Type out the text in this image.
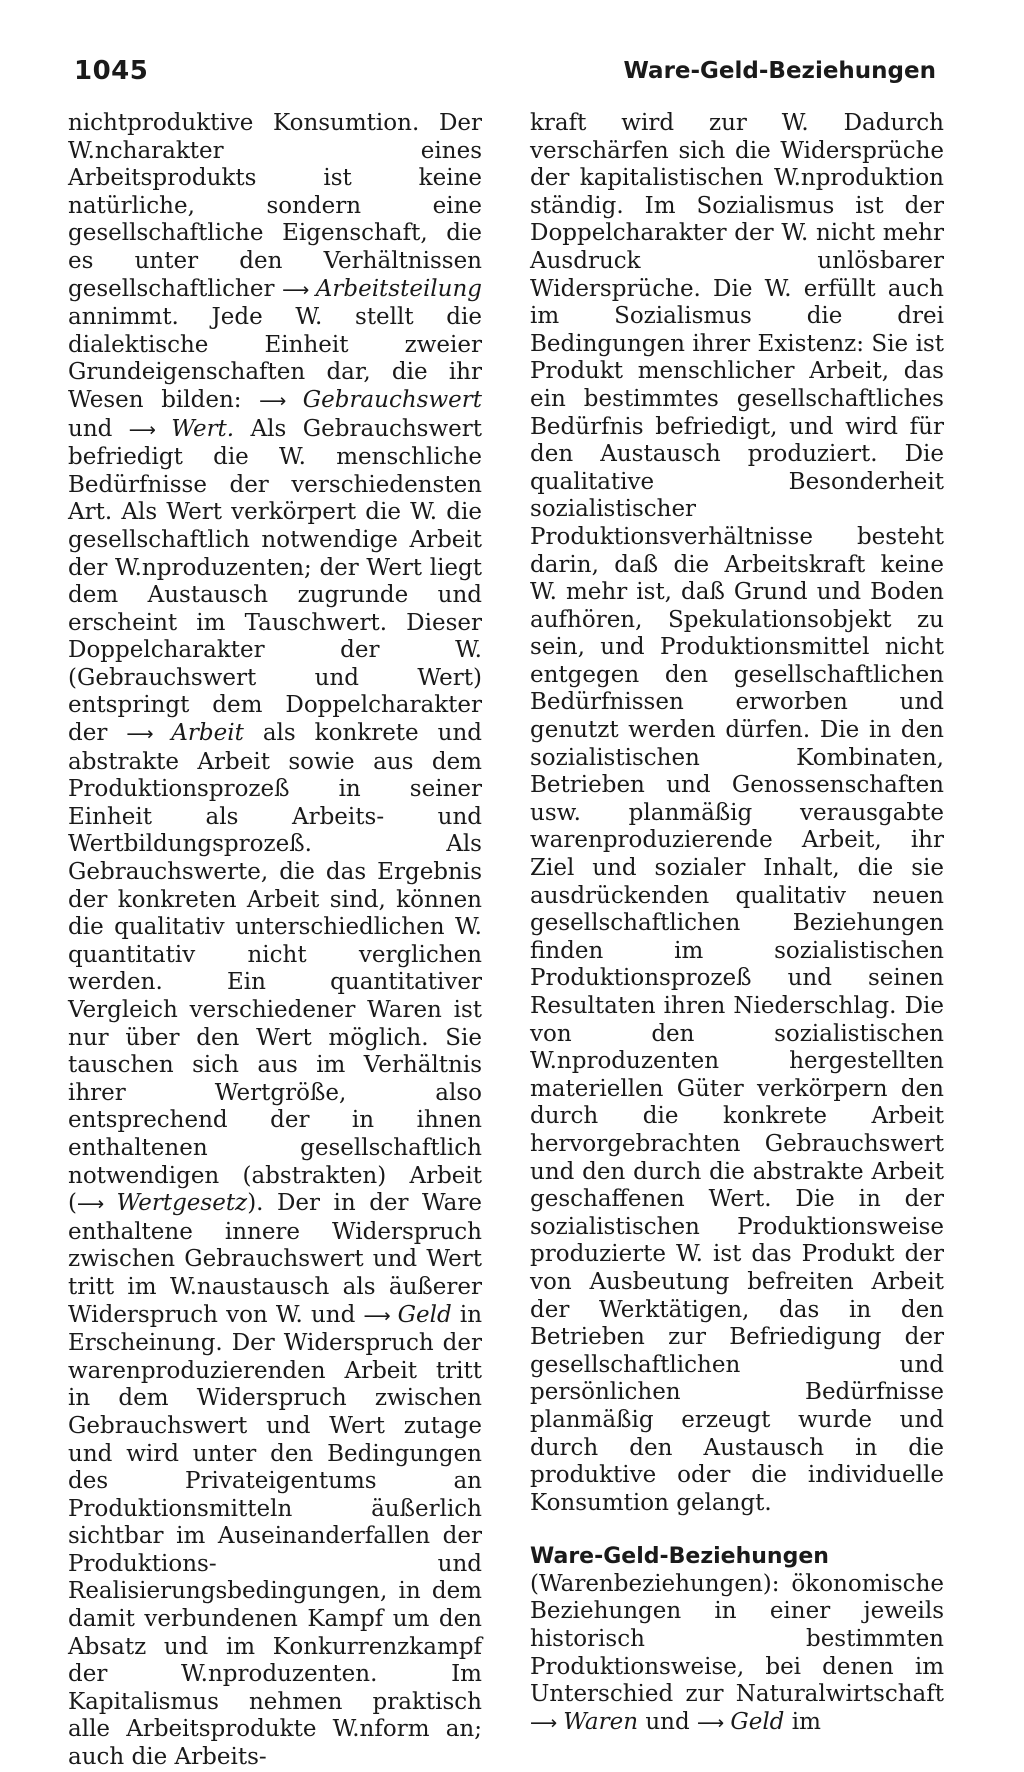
1045	Ware-Geld-Beziehungen

nichtproduktive Konsumtion. Der W.ncharakter eines Arbeitsprodukts ist keine natürliche, sondern eine gesellschaftliche Eigenschaft, die es unter den Verhältnissen gesellschaftlicher ⟶ Arbeitsteilung annimmt. Jede W. stellt die dialektische Einheit zweier Grundeigenschaften dar, die ihr Wesen bilden: ⟶ Gebrauchswert und ⟶ Wert. Als Gebrauchswert befriedigt die W. menschliche Bedürfnisse der verschiedensten Art. Als Wert verkörpert die W. die gesellschaftlich notwendige Arbeit der W.nproduzenten; der Wert liegt dem Austausch zugrunde und erscheint im Tauschwert. Dieser Doppelcharakter der W. (Gebrauchswert und Wert) entspringt dem Doppelcharakter der ⟶ Arbeit als konkrete und abstrakte Arbeit sowie aus dem Produktionsprozeß in seiner Einheit als Arbeits- und Wertbildungsprozeß. Als Gebrauchswerte, die das Ergebnis der konkreten Arbeit sind, können die qualitativ unterschiedlichen W. quantitativ nicht verglichen werden. Ein quantitativer Vergleich verschiedener Waren ist nur über den Wert möglich. Sie tauschen sich aus im Verhältnis ihrer Wertgröße, also entsprechend der in ihnen enthaltenen gesellschaftlich notwendigen (abstrakten) Arbeit (⟶ Wertgesetz). Der in der Ware enthaltene innere Widerspruch zwischen Gebrauchswert und Wert tritt im W.naustausch als äußerer Widerspruch von W. und ⟶ Geld in Erscheinung. Der Widerspruch der warenproduzierenden Arbeit tritt in dem Widerspruch zwischen Gebrauchswert und Wert zutage und wird unter den Bedingungen des Privateigentums an Produktionsmitteln äußerlich sichtbar im Auseinanderfallen der Produktions- und Realisierungsbedingungen, in dem damit verbundenen Kampf um den Absatz und im Konkurrenzkampf der W.nproduzenten. Im Kapitalismus nehmen praktisch alle Arbeitsprodukte W.nform an; auch die Arbeits-

kraft wird zur W. Dadurch verschärfen sich die Widersprüche der kapitalistischen W.nproduktion ständig. Im Sozialismus ist der Doppelcharakter der W. nicht mehr Ausdruck unlösbarer Widersprüche. Die W. erfüllt auch im Sozialismus die drei Bedingungen ihrer Existenz: Sie ist Produkt menschlicher Arbeit, das ein bestimmtes gesellschaftliches Bedürfnis befriedigt, und wird für den Austausch produziert. Die qualitative Besonderheit sozialistischer Produktionsverhältnisse besteht darin, daß die Arbeitskraft keine W. mehr ist, daß Grund und Boden aufhören, Spekulationsobjekt zu sein, und Produktionsmittel nicht entgegen den gesellschaftlichen Bedürfnissen erworben und genutzt werden dürfen. Die in den sozialistischen Kombinaten, Betrieben und Genossenschaften usw. planmäßig verausgabte warenproduzierende Arbeit, ihr Ziel und sozialer Inhalt, die sie ausdrückenden qualitativ neuen gesellschaftlichen Beziehungen finden im sozialistischen Produktionsprozeß und seinen Resultaten ihren Niederschlag. Die von den sozialistischen W.nproduzenten hergestellten materiellen Güter verkörpern den durch die konkrete Arbeit hervorgebrachten Gebrauchswert und den durch die abstrakte Arbeit geschaffenen Wert. Die in der sozialistischen Produktionsweise produzierte W. ist das Produkt der von Ausbeutung befreiten Arbeit der Werktätigen, das in den Betrieben zur Befriedigung der gesellschaftlichen und persönlichen Bedürfnisse planmäßig erzeugt wurde und durch den Austausch in die produktive oder die individuelle Konsumtion gelangt.

Ware-Geld-Beziehungen (Warenbeziehungen): ökonomische Beziehungen in einer jeweils historisch bestimmten Produktionsweise, bei denen im Unterschied zur Naturalwirtschaft ⟶ Waren und ⟶ Geld im
